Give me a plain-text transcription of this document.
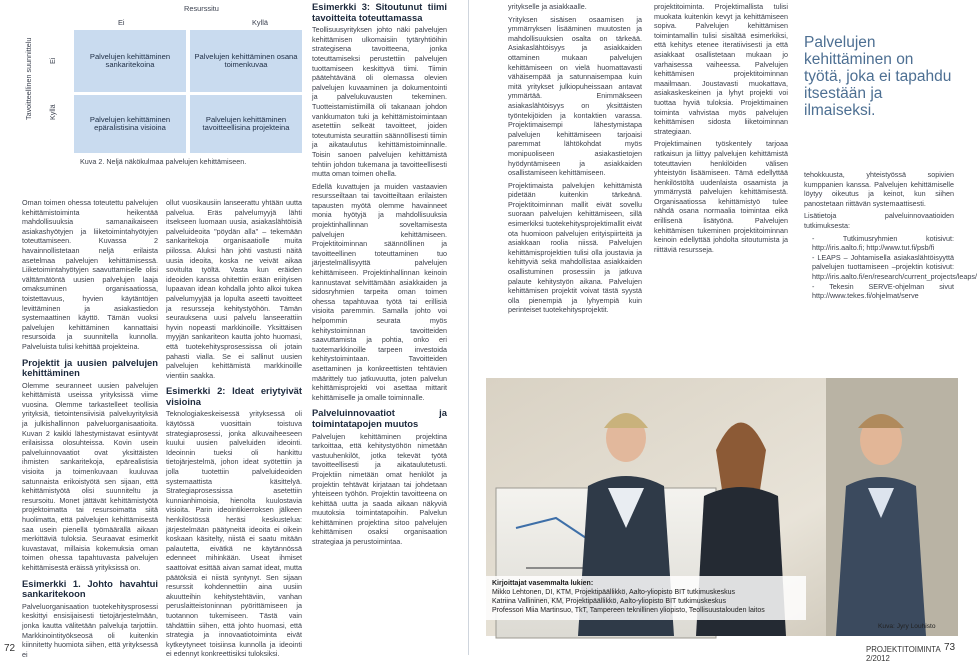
Ei
Resurssitu
Kyllä
Tavoitteellinen suunnittelu Ei
Kyllä
Palvelujen kehittäminen sankaritekoina
Palvelujen kehittäminen osana toimenkuvaa
Palvelujen kehittäminen epäralistisina visioina
Palvelujen kehittäminen tavoitteellisina projekteina
Kuva 2. Neljä näkökulmaa palvelujen kehittämiseen.

Oman toimen ohessa toteutettu palvelujen kehittämistoiminta heikentää mahdollisuuksia samanaikaiseen asiakashyötyjen ja liiketoimintahyötyjen toteuttamiseen. Kuvassa 2 havainnollistetaan neljä erilaista asetelmaa palvelujen kehittämisessä. Liiketoimintahyötyjen saavuttamiselle olisi välttämätöntä uusien palvelujen laaja omaksuminen organisaatiossa, toistettavuus, hyvien käytäntöjen levittäminen ja asiakastiedon systemaattinen käyttö. Tämän vuoksi palvelujen kehittäminen kannattaisi resursoida ja suunnitella kunnolla. Palveluista tulisi kehittää projekteina.

Projektit ja uusien palvelujen kehittäminen

Olemme seuranneet uusien palvelujen kehittämistä useissa yrityksissä viime vuosina. Olemme tarkastelleet teollisia yrityksiä, tietointensiivisiä palveluyrityksiä ja julkishallinnon palveluorganisaatioita. Kuvan 2 kaikki lähestymistavat esiintyvät erilaisissa olosuhteissa. Kovin usein palveluinnovaatiot ovat yksittäisten ihmisten sankaritekoja, epärealistisia visioita ja toimenkuvaan kuuluvaa satunnaista erikoistyötä sen sijaan, että kehittämistyötä olisi suunniteltu ja resursoitu. Monet jättävät kehittämistyötä projektoimatta tai resursoimatta siitä huolimatta, että palvelujen kehittämisestä saa usein pienellä työmäärällä aikaan merkittäviä tuloksia. Seuraavat esimerkit kuvastavat, millaisia kokemuksia oman toimen ohessa tapahtuvasta palvelujen kehittämisestä eräissä yrityksissä on.

Esimerkki 1. Johto havahtui sankaritekoon

Palveluorganisaation tuotekehitysprosessi keskittyi ensisijaisesti tietojärjestelmään, jonka kautta välitetään palveluja tarjottiin. Markkinointityökseosä oli kuitenkin kiinnitetty huomiota siihen, että yrityksessä ei

ollut vuosikausiin lanseerattu yhtään uutta palvelua. Eräs palvelumyyjä lähti itsekseen luomaan uusia, asiakaslähtöisiä palveluideoita "pöydän alla" – tekemään sankaritekoja organisaatiolle muita piilossa. Aluksi hän johti vastusti näitä uusia ideoita, koska ne veivät aikaa sovitulta työltä. Vasta kun eräiden ideoiden kanssa ohitettiin erään eriityisen lupaavan idean kohdalla johto alkoi tukea palvelumyyjää ja lopulta aseetti tavoitteet ja resursseja kehitystyöhön. Tämän seurauksena uusi palvelu lanseerattiin hyvin nopeasti markkinoille. Yksittäisen myyjän sankariteon kautta johto huomasi, että tuotekehitysprosessissa oli jotain pahasti vialla. Se ei sallinut uusien palvelujen kehittämistä markkinoille vientiin saakka.

Esimerkki 2: Ideat eriytyivät visioina

Teknologiakeskeisessä yrityksessä oli käytössä vuosittain toistuva strategiaprosessi, jonka alkuvaiheeseen kuului uusien palveluiden ideointi. Ideoinnin tueksi oli hankittu tietojärjestelmä, johon ideat syötettiin ja jolla tuotettiin palveluideoiden systemaattista käsittelyä. Strategiaprosessissa asetettiin kunnianhimoisia, hienolta kuulostavia visioita. Parin ideointikierroksen jälkeen henkilöstössä heräsi keskustelua: järjestelmään päätyneitä ideoita ei oikein koskaan käsitelty, niistä ei saatu mitään palautetta, eivätkä ne käytännössä edenneet mihinkään. Useat ihmiset saattoivat esittää aivan samat ideat, mutta päätöksiä ei niistä syntynyt. Sen sijaan resurssit kohdennettiin aina uusiin akuutteihin kehitystehtäviin, vanhan peruslaitteistoninnan pyörittämiseen ja tuotannon tukemiseen. Tästä vain tähdättiin siihen, että johto huomasi, että strategia ja innovaatiotoiminta eivät kytkeytyneet toisiinsa kunnolla ja ideointi ei edennyt konkreettisiksi tuloksiksi.

Esimerkki 3: Sitoutunut tiimi tavoitteita toteuttamassa

Teollisuusyrityksen johto näki palvelujen kehittämisen ulkomaisiin tytäryhtiöihin strategisena tavoitteena, jonka toteuttamiseksi perustettiin palvelujen tuottamiseen keskittyvä tiimi. Tiimin päätehtävänä oli olemassa olevien palvelujen kuvaaminen ja dokumentointi ja palvelukuvausten tekeminen. Tuotteistamistiimillä oli takanaan johdon vankkumaton tuki ja kehittämistoimintaan asetettiin selkeät tavoitteet, joiden toteutumista seurattiin säännöllisesti tiimin ja aikataulutus kehittämistoiminnalle. Toisin sanoen palvelujen kehittämistä tehtiin johdon tukemana ja tavoitteellisesti mutta oman toimen ohella.

Edellä kuvattujen ja muiden vastaavien resursseiltaan tai tavoitteiltaan erilaisten tapausten myötä olemme havainneet monia hyötyjä ja mahdollisuuksia projektinhallinnan soveltamisesta palvelujen kehittämiseen. Projektitoiminnan säännöllinen ja tavoitteellinen toteuttaminen tuo järjestelmällisyyttä palvelujen kehittämiseen. Projektinhallinnan keinoin kannustavat selvittämään asiakkaiden ja sidosryhmien tarpeita oman toimen ohessa tapahtuvaa työtä tai erillisiä visioita paremmin. Samalla johto voi helpommin seurata myös kehitystoiminnan tavoitteiden saavuttamista ja pohtia, onko eri tuotemarkkinoille tarpeen investoida kehitystoimintaan. Tavoitteiden asettaminen ja konkreettisten tehtävien määrittely tuo jatkuvuutta, joten palvelun kehittämisprojekti voi asettaa mittarit kehittämiselle ja omalle toiminnalle.

Palveluinnovaatiot ja toimintatapojen muutos

Palvelujen kehittäminen projektina tarkoittaa, että kehitystyöhön nimetään vastuuhenkilöt, jotka tekevät työtä tavoitteellisesti ja aikataulutetusti. Projektiin nimetään omat henkilöt ja projektin tehtävät kirjataan tai johdetaan yhteiseen työhön. Projektin tavoitteena on kehittää uutta ja saada aikaan näkyviä muutoksia toimintatapoihin. Palvelun kehittäminen projektina sitoo palvelujen kehittämisen osaksi organisaation strategiaa ja perustoimintaa.

72

yritykselle ja asiakkaalle.

Yrityksen sisäisen osaamisen ja ymmärryksen lisääminen muutosten ja mahdollisuuksien osalta on tärkeää. Asiakaslähtöisyys ja asiakkaiden ottaminen mukaan palvelujen kehittämiseen on vielä huomattavasti vähäisempää ja satunnaisempaa kuin mitä yritykset julkiopuheissaan antavat ymmärtää. Enimmäkseen asiakaslähtöisyys on yksittäisten työntekijöiden ja kontaktien varassa. Projektimaisempi lähestymistapa palvelujen kehittämiseen tarjoaisi paremmat lähtökohdat myös monipuoliseen asiakastietojen hyödyntämiseen ja asiakkaiden osallistamiseen kehittämiseen.

Projektimaista palvelujen kehittämistä pidetään kuitenkin tärkeänä. Projektitoiminnan mallit eivät sovellu suoraan palvelujen kehittämiseen, sillä esimerkiksi tuotekehitysprojektimallit eivät ota huomioon palvelujen erityispiirteitä ja asiakkaan roolia niissä. Palvelujen kehittämisprojektien tulisi olla joustavia ja kehittyviä sekä mahdollistaa asiakkaiden osallistuminen prosessiin ja jatkuva palaute kehitystyön aikana. Palvelujen kehittämisen projektit voivat tästä syystä olla pienempiä ja lyhyempiä kuin perinteiset tuotekehitysprojektit.

projektitoiminta. Projektimallista tulisi muokata kuitenkin kevyt ja kehittämiseen sopiva. Palvelujen kehittämisen toimintamallin tulisi sisältää esimerkiksi, että kehitys etenee iteratiivisesti ja että asiakkaat osallistetaan mukaan jo varhaisessa vaiheessa. Palvelujen kehittämisen projektitoiminnan maailmaan. Joustavasti muokattava, asiakaskeskeinen ja lyhyt projekti voi tuottaa hyviä tuloksia. Projektimainen toiminta vahvistaa myös palvelujen kehittämisen sidosta liiketoiminnan strategiaan.

Projektimainen työskentely tarjoaa ratkaisun ja liittyy palvelujen kehittämistä toteuttavien henkilöiden välisen yhteistyön lisäämiseen. Tämä edellyttää henkilöstöltä uudenlaista osaamista ja ymmärrystä palvelujen kehittämisestä. Organisaatiossa kehittämistyö tulee nähdä osana normaalia toimintaa eikä erillisenä lisätyönä. Palvelujen kehittämisen tukeminen projektitoiminnan keinoin edellyttää johdolta sitoutumista ja riittäviä resursseja.

Palvelujen kehittäminen on työtä, joka ei tapahdu itsestään ja ilmaiseksi.

tehokkuusta, yhteistyössä sopivien kumppanien kanssa. Palvelujen kehittämiselle löytyy oikeutus ja keinot, kun siihen panostetaan riittävän systemaattisesti.

Lisätietoja palveluinnovaatioiden tutkimuksesta:

- Tutkimusryhmien kotisivut: http://iris.aalto.fi; http://www.tut.fi/psb/fi
- LEAPS – Johtamisella asiakaslähtöisyyttä palvelujen tuottamiseen –projektin kotisivut: http://iris.aalto.fi/en/research/current_projects/leaps/
- Tekesin SERVE-ohjelman sivut http://www.tekes.fi/ohjelmat/serve
Kirjoittajat vasemmalta lukien:
Mikko Lehtonen, DI, KTM, Projektipäällikkö, Aalto-yliopisto BIT tutkimuskeskus
Katriina Vallininen, KM, Projektipäällikkö, Aalto-yliopisto BIT tutkimuskeskus
Professori Miia Martinsuo, TkT, Tampereen teknillinen yliopisto, Teollisuustalouden laitos
Kuva: Jyry Louhisto
PROJEKTITOIMINTA 2/2012
73
